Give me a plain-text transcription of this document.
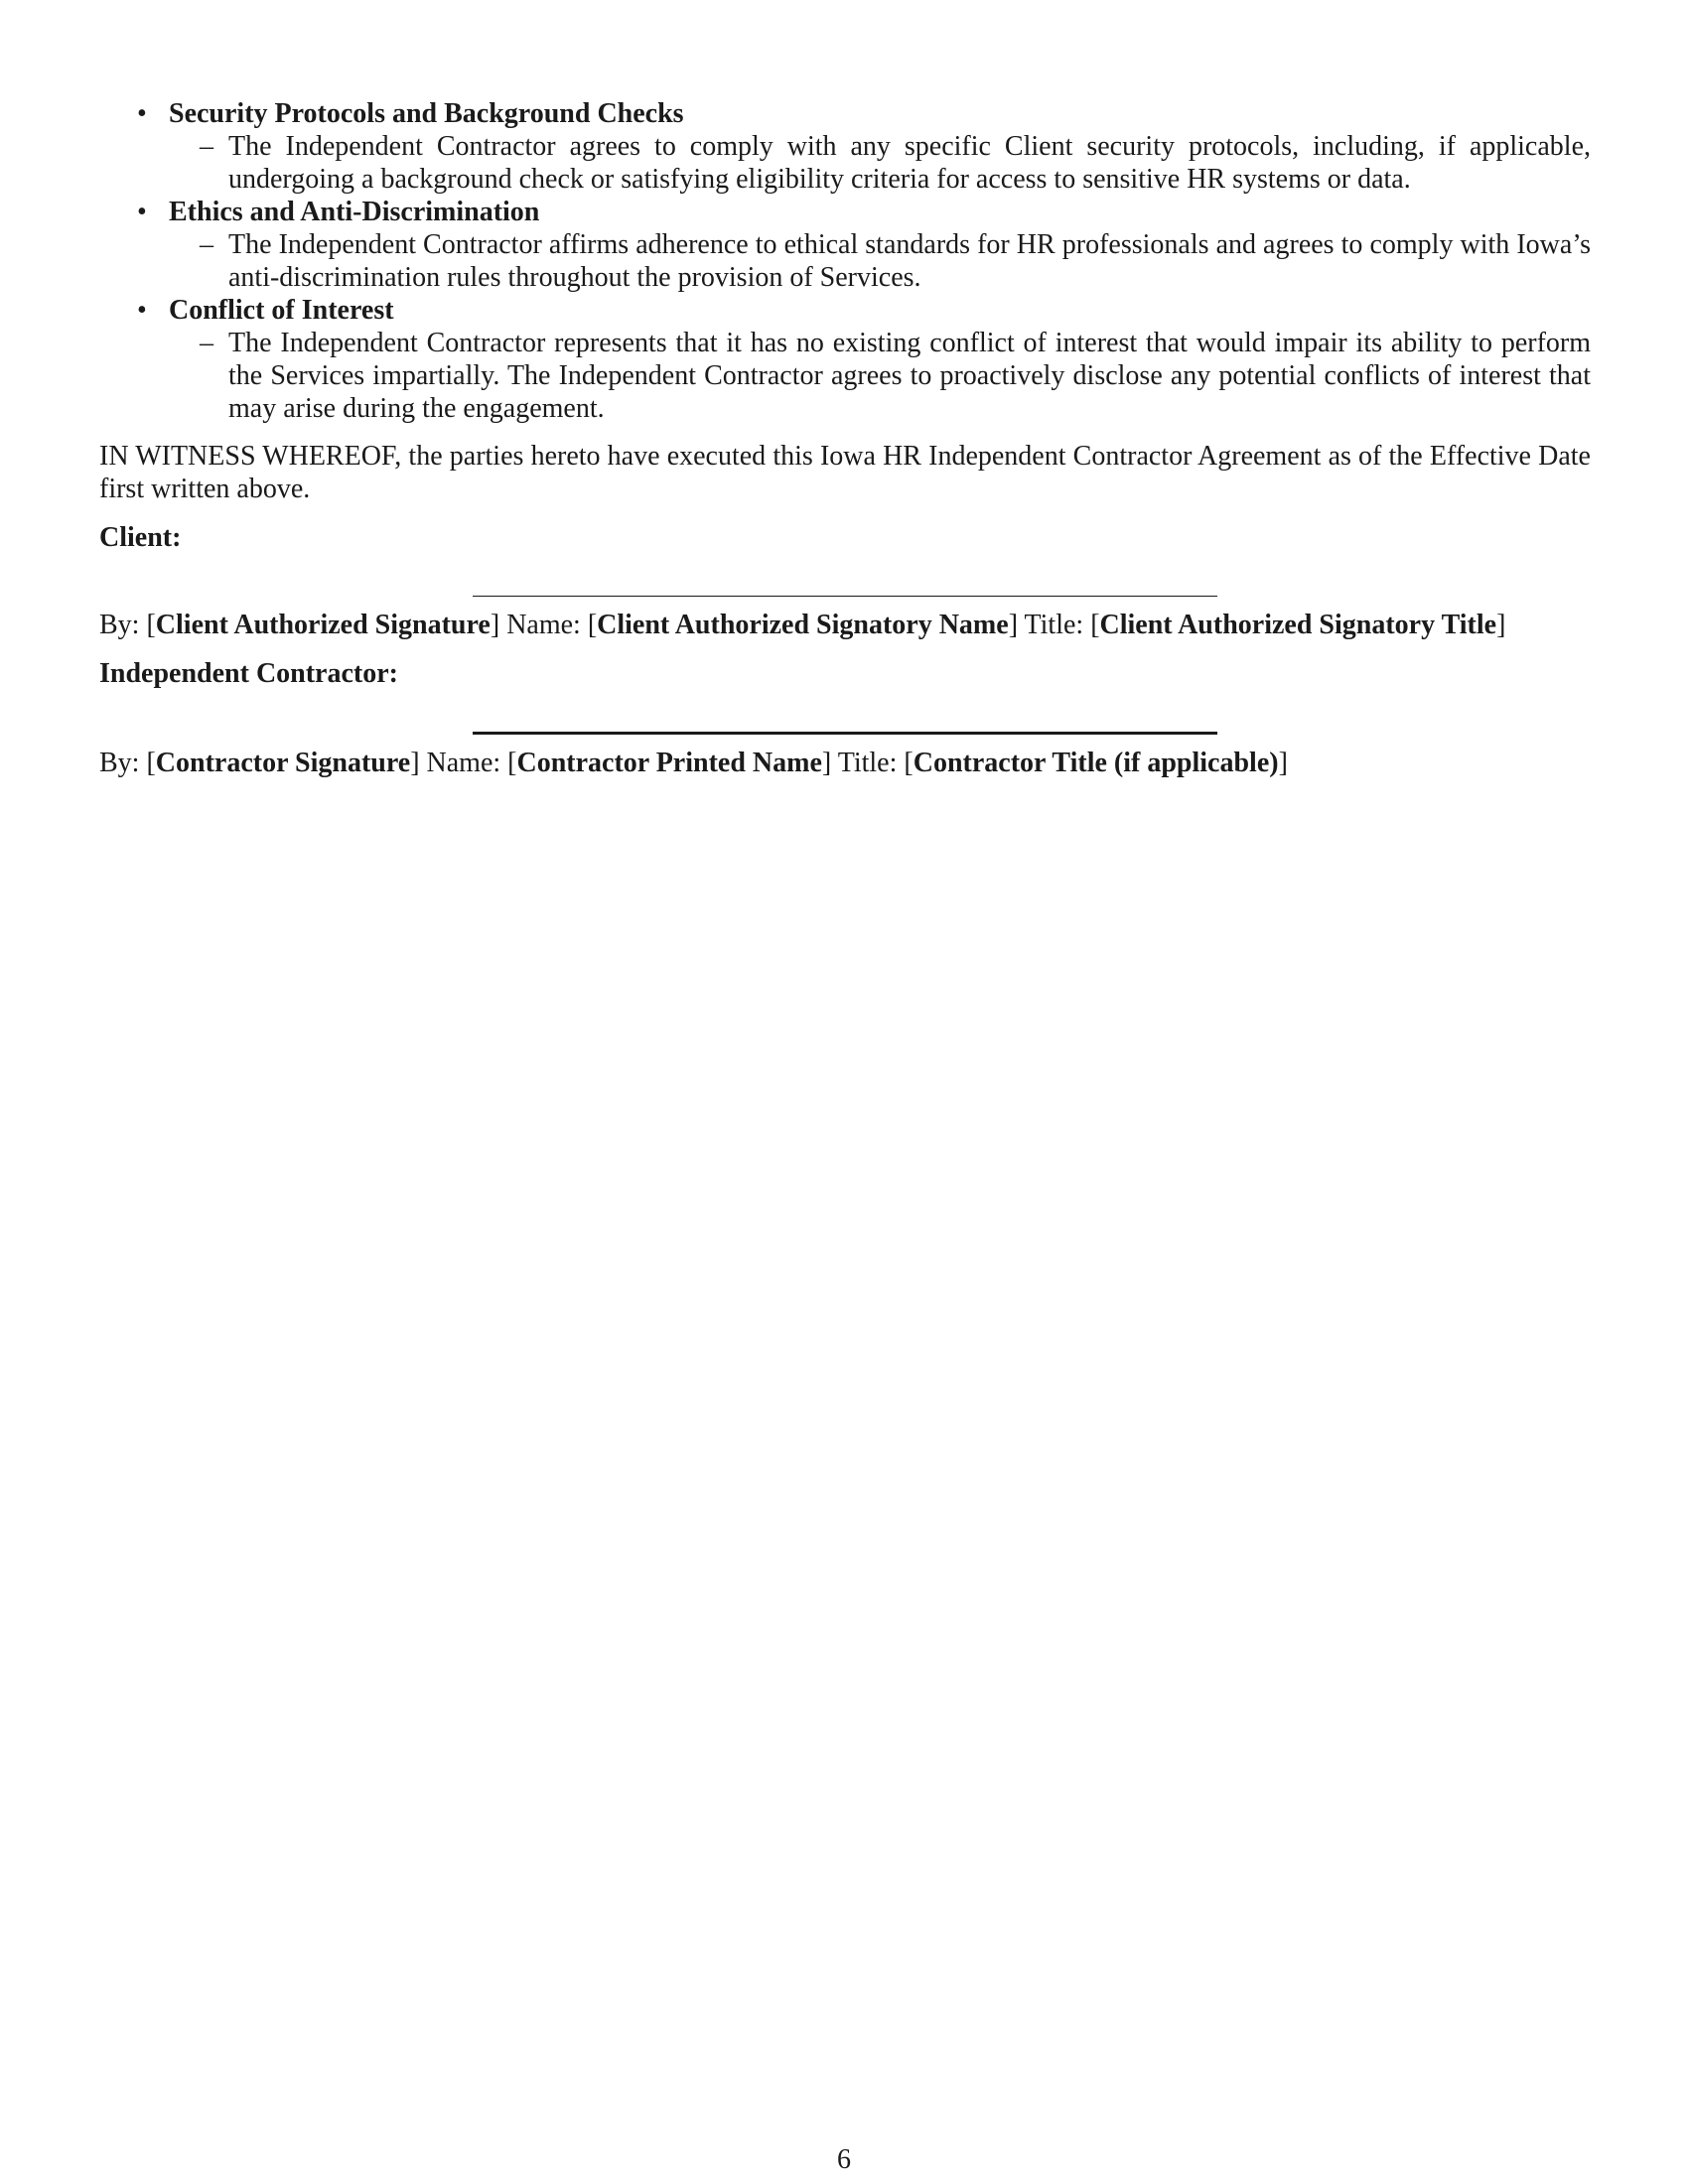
• Security Protocols and Background Checks
– The Independent Contractor agrees to comply with any specific Client security protocols, including, if applicable, undergoing a background check or satisfying eligibility criteria for access to sensitive HR systems or data.
• Ethics and Anti-Discrimination
– The Independent Contractor affirms adherence to ethical standards for HR professionals and agrees to comply with Iowa’s anti-discrimination rules throughout the provision of Services.
• Conflict of Interest
– The Independent Contractor represents that it has no existing conflict of interest that would impair its ability to perform the Services impartially. The Independent Contractor agrees to proactively disclose any potential conflicts of interest that may arise during the engagement.

IN WITNESS WHEREOF, the parties hereto have executed this Iowa HR Independent Contractor Agreement as of the Effective Date first written above.

Client:
By: [Client Authorized Signature] Name: [Client Authorized Signatory Name] Title: [Client Authorized Signatory Title]
Independent Contractor:
By: [Contractor Signature] Name: [Contractor Printed Name] Title: [Contractor Title (if applicable)]
6
